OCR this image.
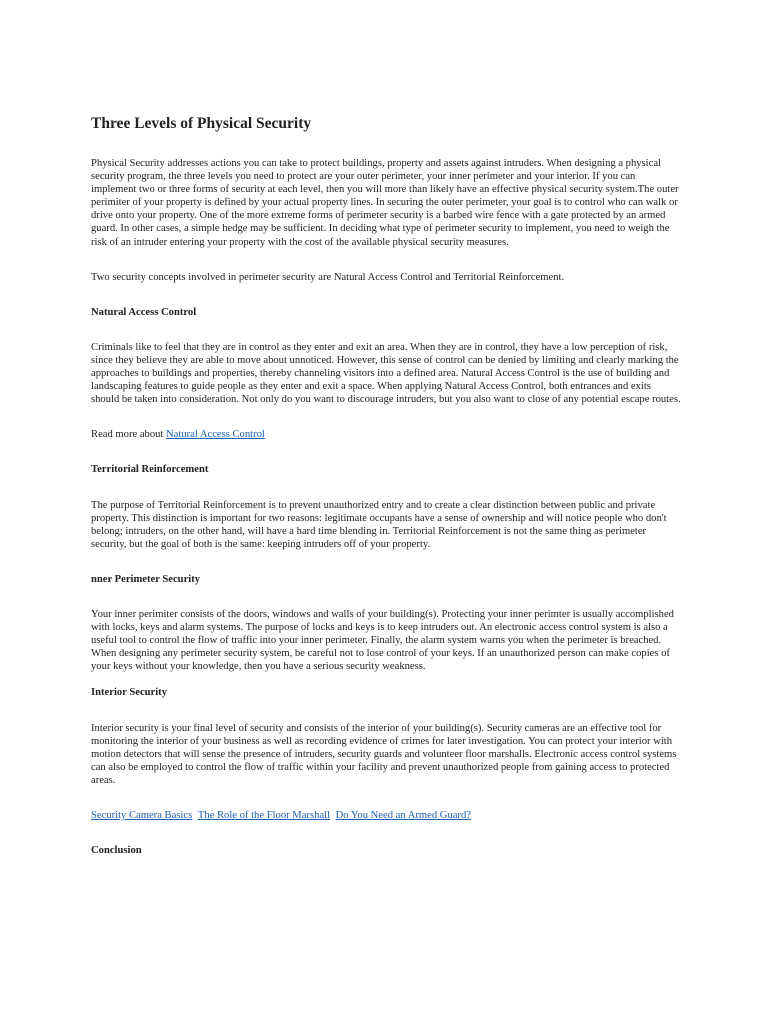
Three Levels of Physical Security

Physical Security addresses actions you can take to protect buildings, property and assets against intruders. When designing a physical security program, the three levels you need to protect are your outer perimeter, your inner perimeter and your interior. If you can implement two or three forms of security at each level, then you will more than likely have an effective physical security system.The outer perimiter of your property is defined by your actual property lines. In securing the outer perimeter, your goal is to control who can walk or drive onto your property. One of the more extreme forms of perimeter security is a barbed wire fence with a gate protected by an armed guard. In other cases, a simple hedge may be sufficient. In deciding what type of perimeter security to implement, you need to weigh the risk of an intruder entering your property with the cost of the available physical security measures.

Two security concepts involved in perimeter security are Natural Access Control and Territorial Reinforcement.

Natural Access Control

Criminals like to feel that they are in control as they enter and exit an area. When they are in control, they have a low perception of risk, since they believe they are able to move about unnoticed. However, this sense of control can be denied by limiting and clearly marking the approaches to buildings and properties, thereby channeling visitors into a defined area. Natural Access Control is the use of building and landscaping features to guide people as they enter and exit a space. When applying Natural Access Control, both entrances and exits should be taken into consideration. Not only do you want to discourage intruders, but you also want to close of any potential escape routes.

Read more about Natural Access Control

Territorial Reinforcement

The purpose of Territorial Reinforcement is to prevent unauthorized entry and to create a clear distinction between public and private property. This distinction is important for two reasons: legitimate occupants have a sense of ownership and will notice people who don't belong; intruders, on the other hand, will have a hard time blending in. Territorial Reinforcement is not the same thing as perimeter security, but the goal of both is the same: keeping intruders off of your property.

nner Perimeter Security

Your inner perimiter consists of the doors, windows and walls of your building(s). Protecting your inner perimter is usually accomplished with locks, keys and alarm systems. The purpose of locks and keys is to keep intruders out. An electronic access control system is also a useful tool to control the flow of traffic into your inner perimeter. Finally, the alarm system warns you when the perimeter is breached. When designing any perimeter security system, be careful not to lose control of your keys. If an unauthorized person can make copies of your keys without your knowledge, then you have a serious security weakness.

Interior Security

Interior security is your final level of security and consists of the interior of your building(s). Security cameras are an effective tool for monitoring the interior of your business as well as recording evidence of crimes for later investigation. You can protect your interior with motion detectors that will sense the presence of intruders, security guards and volunteer floor marshalls. Electronic access control systems can also be employed to control the flow of traffic within your facility and prevent unauthorized people from gaining access to protected areas.

Security Camera Basics The Role of the Floor Marshall Do You Need an Armed Guard?

Conclusion
